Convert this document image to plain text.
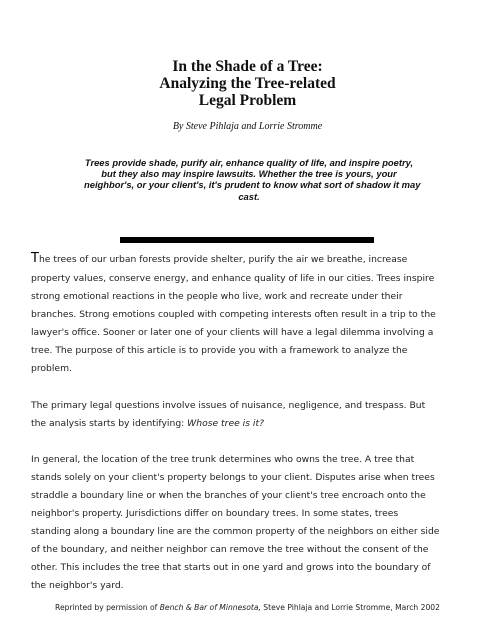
In the Shade of a Tree:
Analyzing the Tree-related
Legal Problem
By Steve Pihlaja and Lorrie Stromme
Trees provide shade, purify air, enhance quality of life, and inspire poetry,
but they also may inspire lawsuits. Whether the tree is yours, your
neighbor's, or your client's, it's prudent to know what sort of shadow it may
cast.
The trees of our urban forests provide shelter, purify the air we breathe, increase
property values, conserve energy, and enhance quality of life in our cities. Trees inspire
strong emotional reactions in the people who live, work and recreate under their
branches. Strong emotions coupled with competing interests often result in a trip to the
lawyer's office. Sooner or later one of your clients will have a legal dilemma involving a
tree. The purpose of this article is to provide you with a framework to analyze the
problem.
The primary legal questions involve issues of nuisance, negligence, and trespass. But
the analysis starts by identifying: Whose tree is it?
In general, the location of the tree trunk determines who owns the tree. A tree that
stands solely on your client's property belongs to your client. Disputes arise when trees
straddle a boundary line or when the branches of your client's tree encroach onto the
neighbor's property. Jurisdictions differ on boundary trees. In some states, trees
standing along a boundary line are the common property of the neighbors on either side
of the boundary, and neither neighbor can remove the tree without the consent of the
other. This includes the tree that starts out in one yard and grows into the boundary of
the neighbor's yard.
Reprinted by permission of Bench & Bar of Minnesota, Steve Pihlaja and Lorrie Stromme, March 2002
